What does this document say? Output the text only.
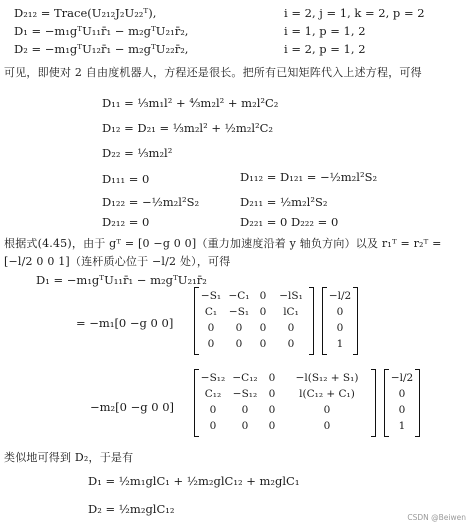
D₂₁₂ = Trace(U₂₁₂J₂U₂₂ᵀ),	i = 2, j = 1, k = 2, p = 2
D₁ = −m₁gᵀU₁₁r̄₁ − m₂gᵀU₂₁r̄₂,	i = 1, p = 1, 2
D₂ = −m₁gᵀU₁₂r̄₁ − m₂gᵀU₂₂r̄₂,	i = 2, p = 1, 2
可见，即使对 2 自由度机器人，方程还是很长。把所有已知矩阵代入上述方程，可得
D₁₁ = ⅓m₁l² + ⁴⁄₃m₂l² + m₂l²C₂
D₁₂ = D₂₁ = ⅓m₂l² + ½m₂l²C₂
D₂₂ = ⅓m₂l²
D₁₁₁ = 0	D₁₁₂ = D₁₂₁ = −½m₂l²S₂
D₁₂₂ = −½m₂l²S₂	D₂₁₁ = ½m₂l²S₂
D₂₁₂ = 0	D₂₂₁ = 0 D₂₂₂ = 0
根据式(4.45)，由于 gᵀ = [0 −g 0 0]（重力加速度沿着 y 轴负方向）以及 r₁ᵀ = r₂ᵀ =
[−l/2 0 0 1]（连杆质心位于 −l/2 处），可得
D₁ = −m₁gᵀU₁₁r̄₁ − m₂gᵀU₂₁r̄₂
= −m₁[0 −g 0 0]
−m₂[0 −g 0 0]
−S₁ −C₁ 0	−lS₁
C₁	−S₁	0	lC₁
0	0	0	0
0	0	0	0
−l/2
0
0
1
−S₁₂ −C₁₂	0	−l(S₁₂ + S₁)
C₁₂	−S₁₂	0	l(C₁₂ + C₁)
0	0	0	0
0	0	0	0
−l/2
0
0
1
类似地可得到 D₂，于是有
D₁ = ½m₁glC₁ + ½m₂glC₁₂ + m₂glC₁
D₂ = ½m₂glC₁₂
CSDN @Beiwen
